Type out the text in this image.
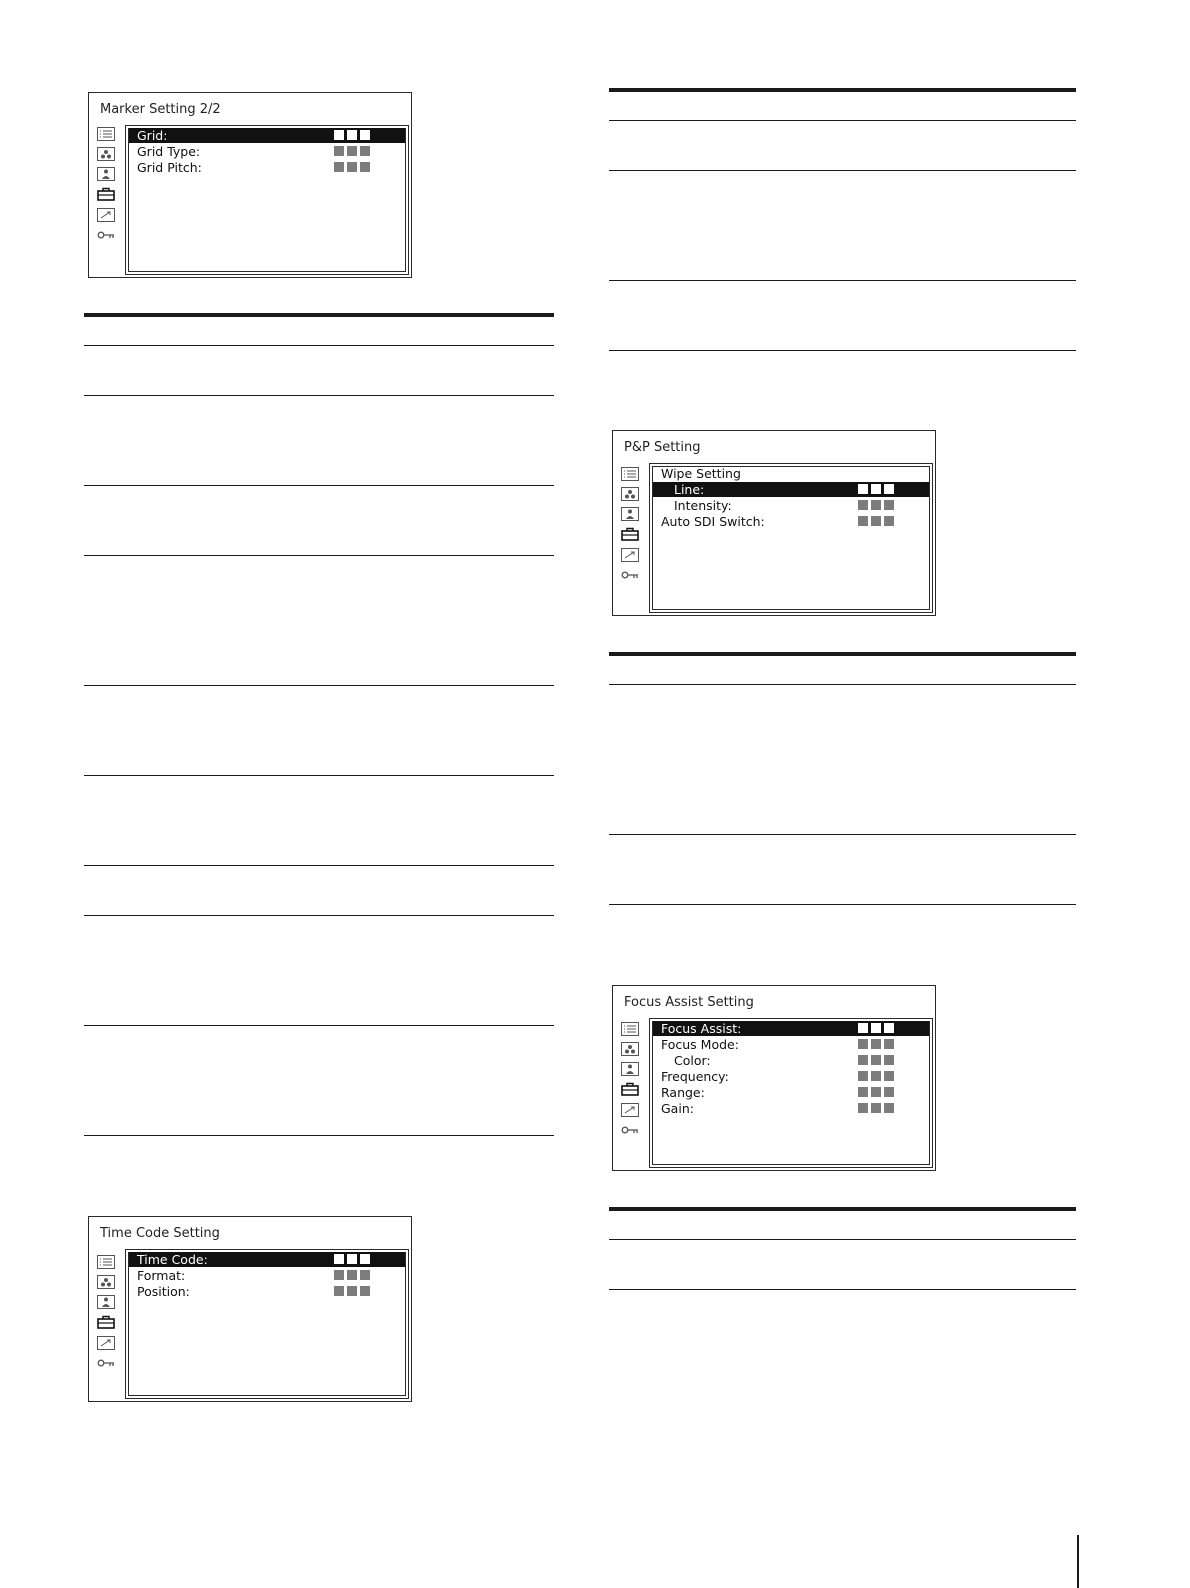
Marker Setting 2/2
Grid:
Grid Type:
Grid Pitch:
Time Code Setting
Time Code:
Format:
Position:
P&P Setting
Wipe Setting
Line:
Intensity:
Auto SDI Switch:
Focus Assist Setting
Focus Assist:
Focus Mode:
Color:
Frequency:
Range:
Gain:
